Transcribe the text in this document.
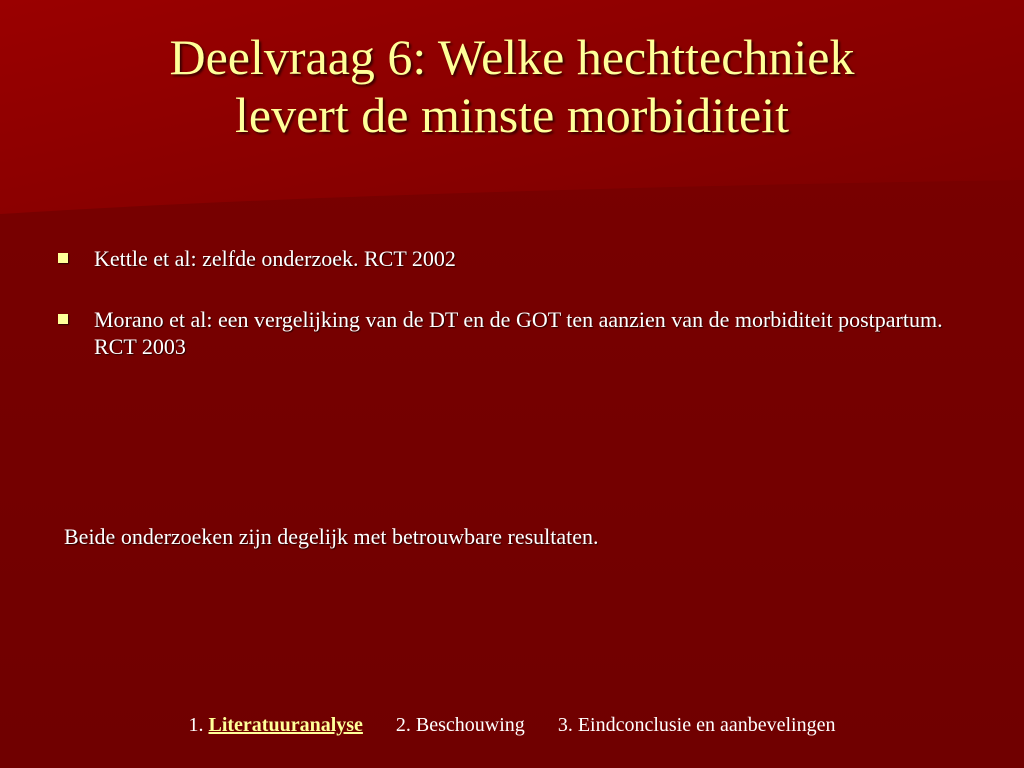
Deelvraag 6: Welke hechttechniek
levert de minste morbiditeit
Kettle et al: zelfde onderzoek. RCT 2002
Morano et al: een vergelijking van de DT en de GOT ten aanzien van de morbiditeit postpartum. RCT 2003

Beide onderzoeken zijn degelijk met betrouwbare resultaten.

1. Literatuuranalyse 2. Beschouwing 3. Eindconclusie en aanbevelingen
